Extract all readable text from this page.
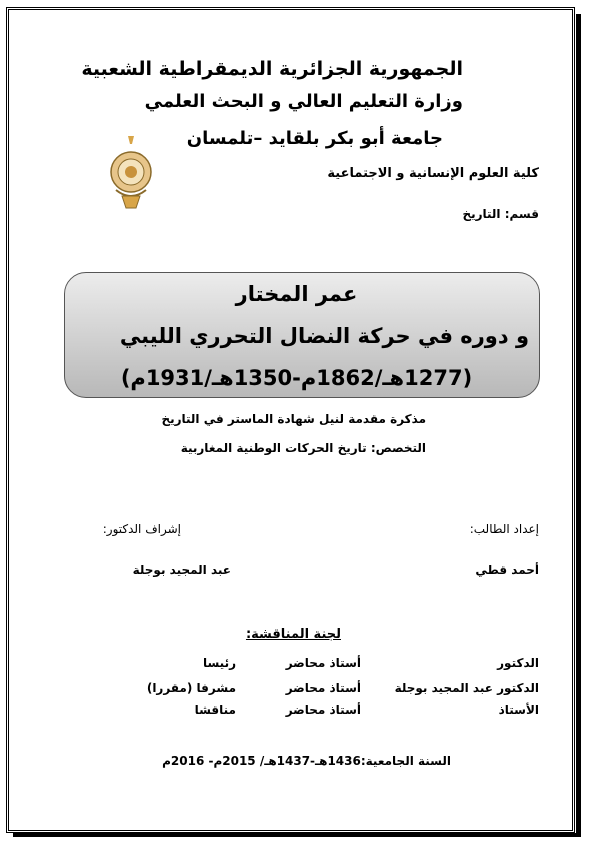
الجمهورية الجزائرية الديمقراطية الشعبية
وزارة التعليم العالي و البحث العلمي
جامعة أبو بكر بلقايد –تلمسان
كلية العلوم الإنسانية و الاجتماعية
قسم: التاريخ
عمر المختار
و دوره في حركة النضال التحرري الليبي
(1277هـ/1862م-1350هـ/1931م)
مذكرة مقدمة لنيل شهادة الماستر في التاريخ
التخصص: تاريخ الحركات الوطنية المغاربية
إعداد الطالب:
إشراف الدكتور:
أحمد قطي
عبد المجيد بوجلة
لجنة المناقشة:
الدكتور
أستاذ محاضر
رئيسا
الدكتور عبد المجيد بوجلة
أستاذ محاضر
مشرفا (مقررا)
الأستاذ
أستاذ محاضر
مناقشا
السنة الجامعية:1436هـ-1437هـ/ 2015م- 2016م
